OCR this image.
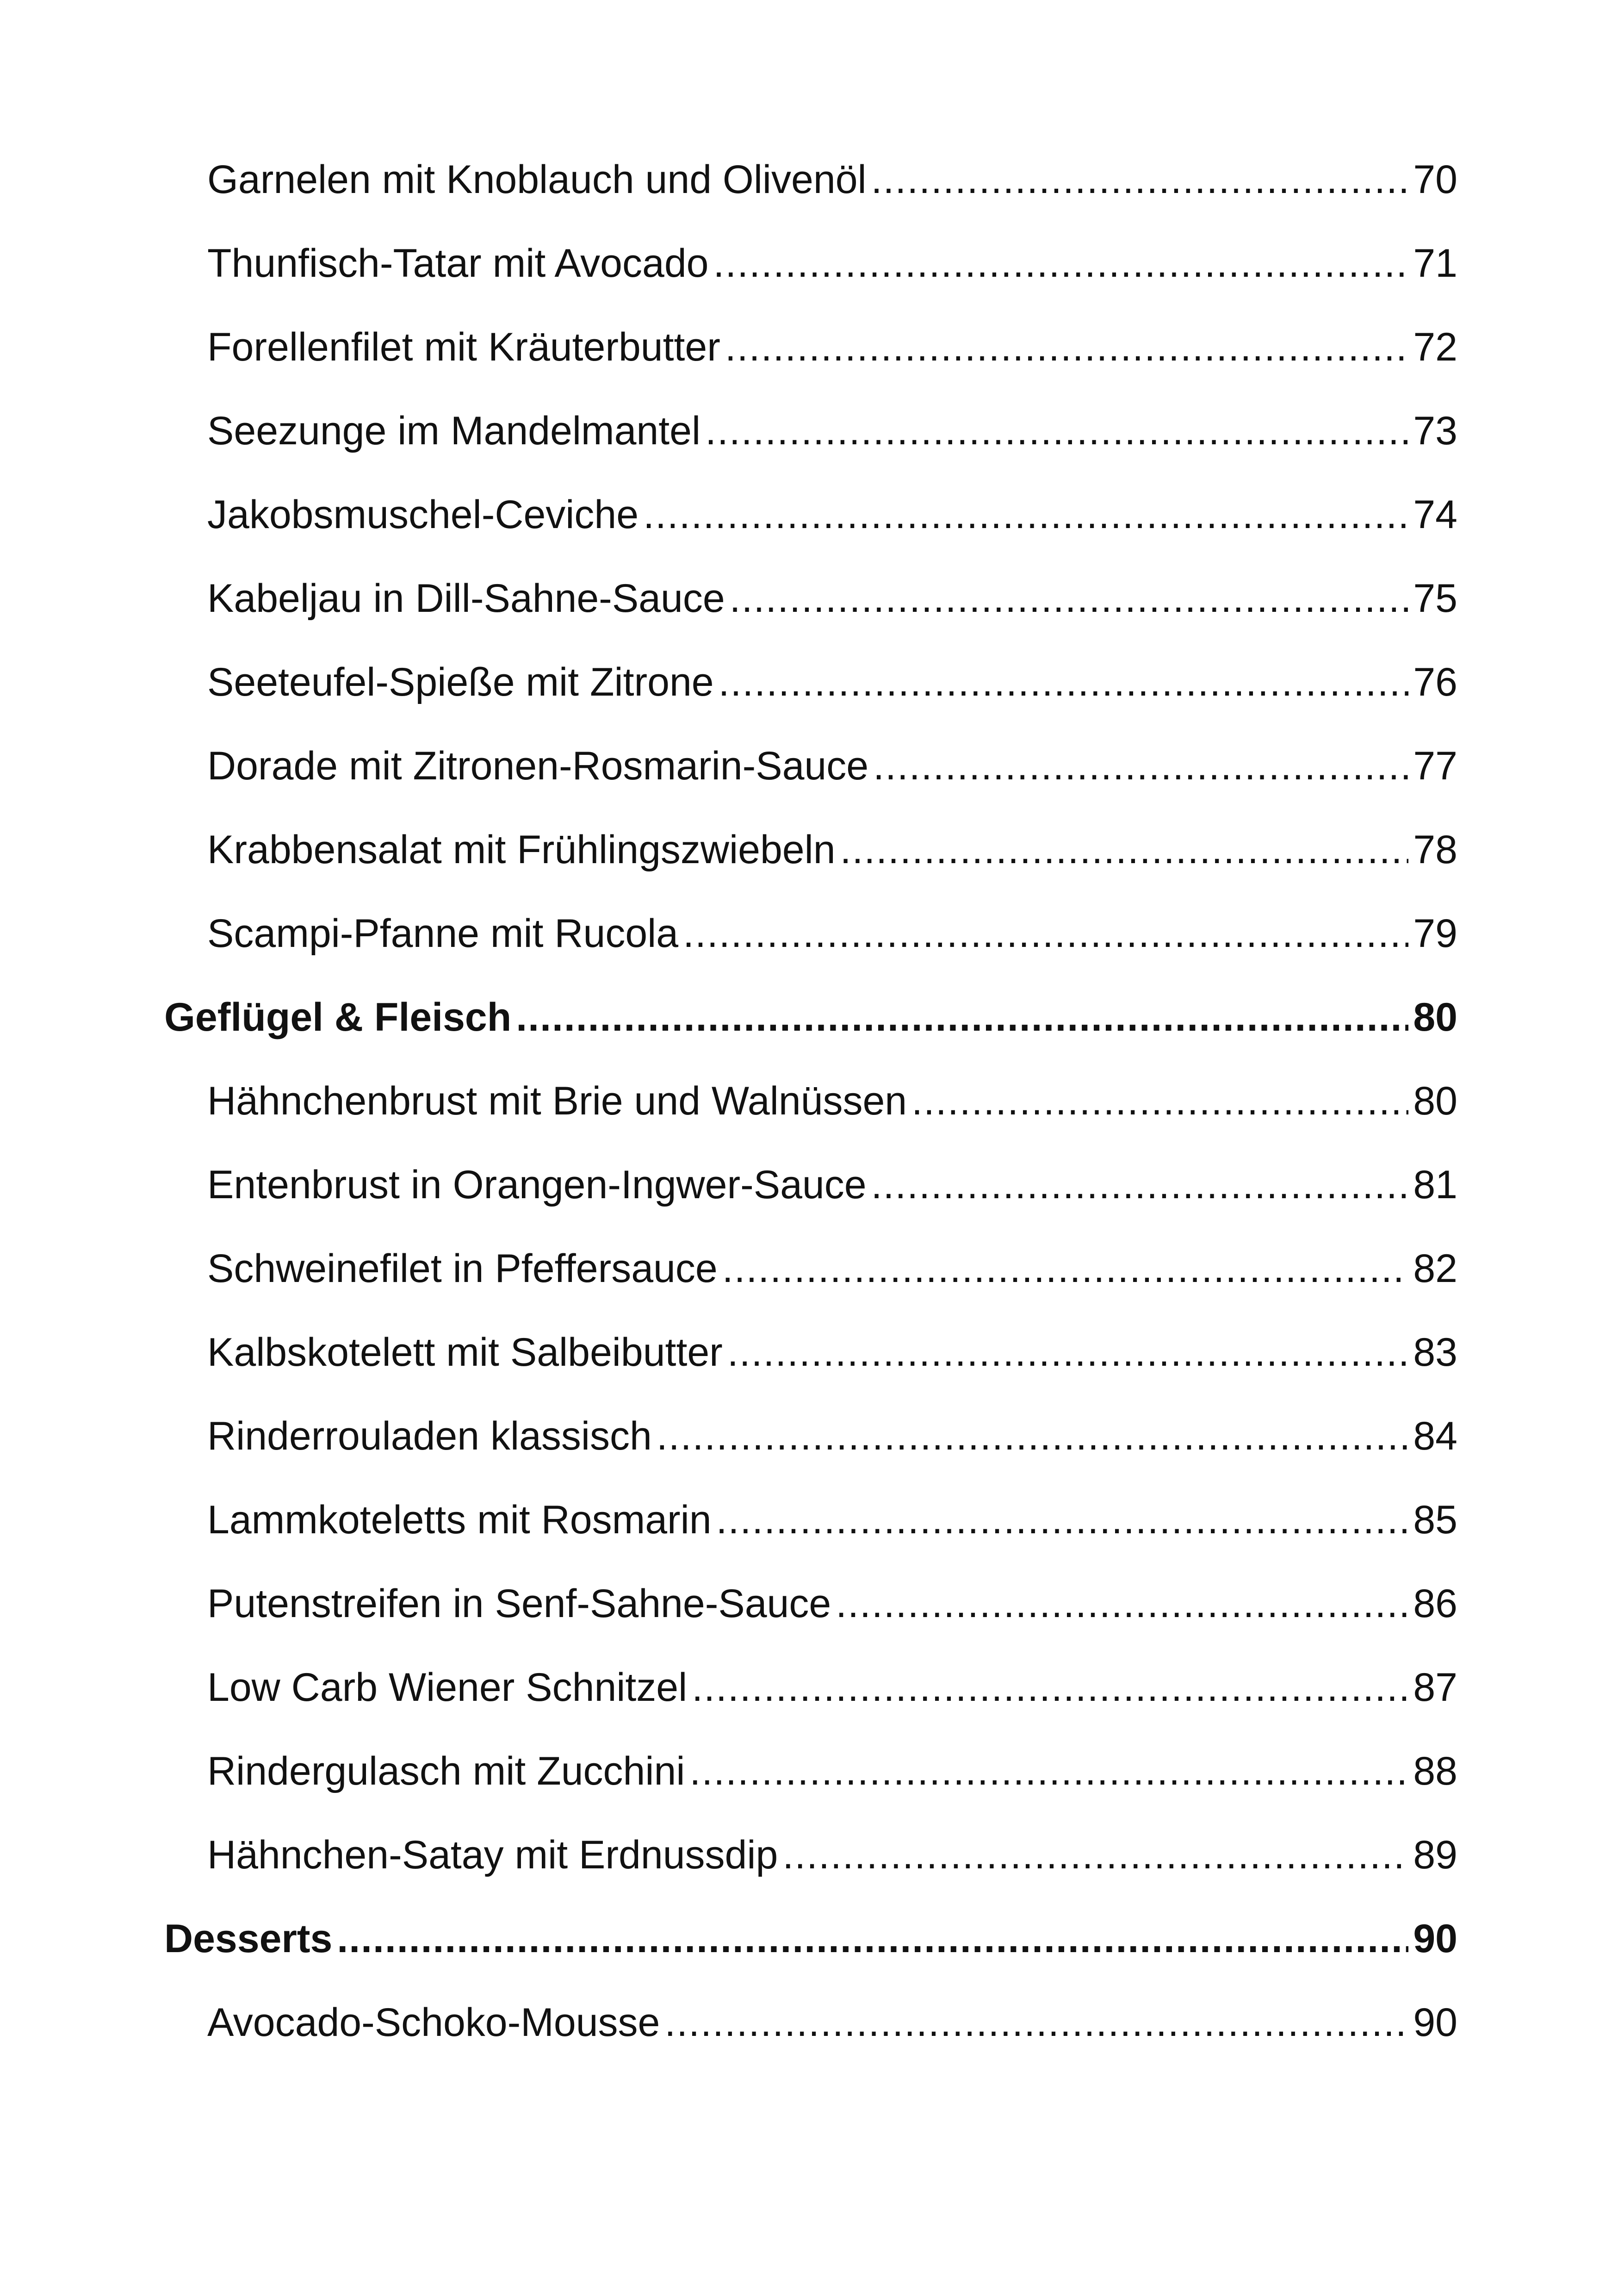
Garnelen mit Knoblauch und Olivenöl .....	70
Thunfisch-Tatar mit Avocado .....	71
Forellenfilet mit Kräuterbutter .....	72
Seezunge im Mandelmantel .....	73
Jakobsmuschel-Ceviche .....	74
Kabeljau in Dill-Sahne-Sauce .....	75
Seeteufel-Spieße mit Zitrone .....	76
Dorade mit Zitronen-Rosmarin-Sauce .....	77
Krabbensalat mit Frühlingszwiebeln .....	78
Scampi-Pfanne mit Rucola .....	79
Geflügel & Fleisch .....	80
Hähnchenbrust mit Brie und Walnüssen .....	80
Entenbrust in Orangen-Ingwer-Sauce .....	81
Schweinefilet in Pfeffersauce .....	82
Kalbskotelett mit Salbeibutter .....	83
Rinderrouladen klassisch .....	84
Lammkoteletts mit Rosmarin .....	85
Putenstreifen in Senf-Sahne-Sauce .....	86
Low Carb Wiener Schnitzel .....	87
Rindergulasch mit Zucchini .....	88
Hähnchen-Satay mit Erdnussdip .....	89
Desserts .....	90
Avocado-Schoko-Mousse .....	90
